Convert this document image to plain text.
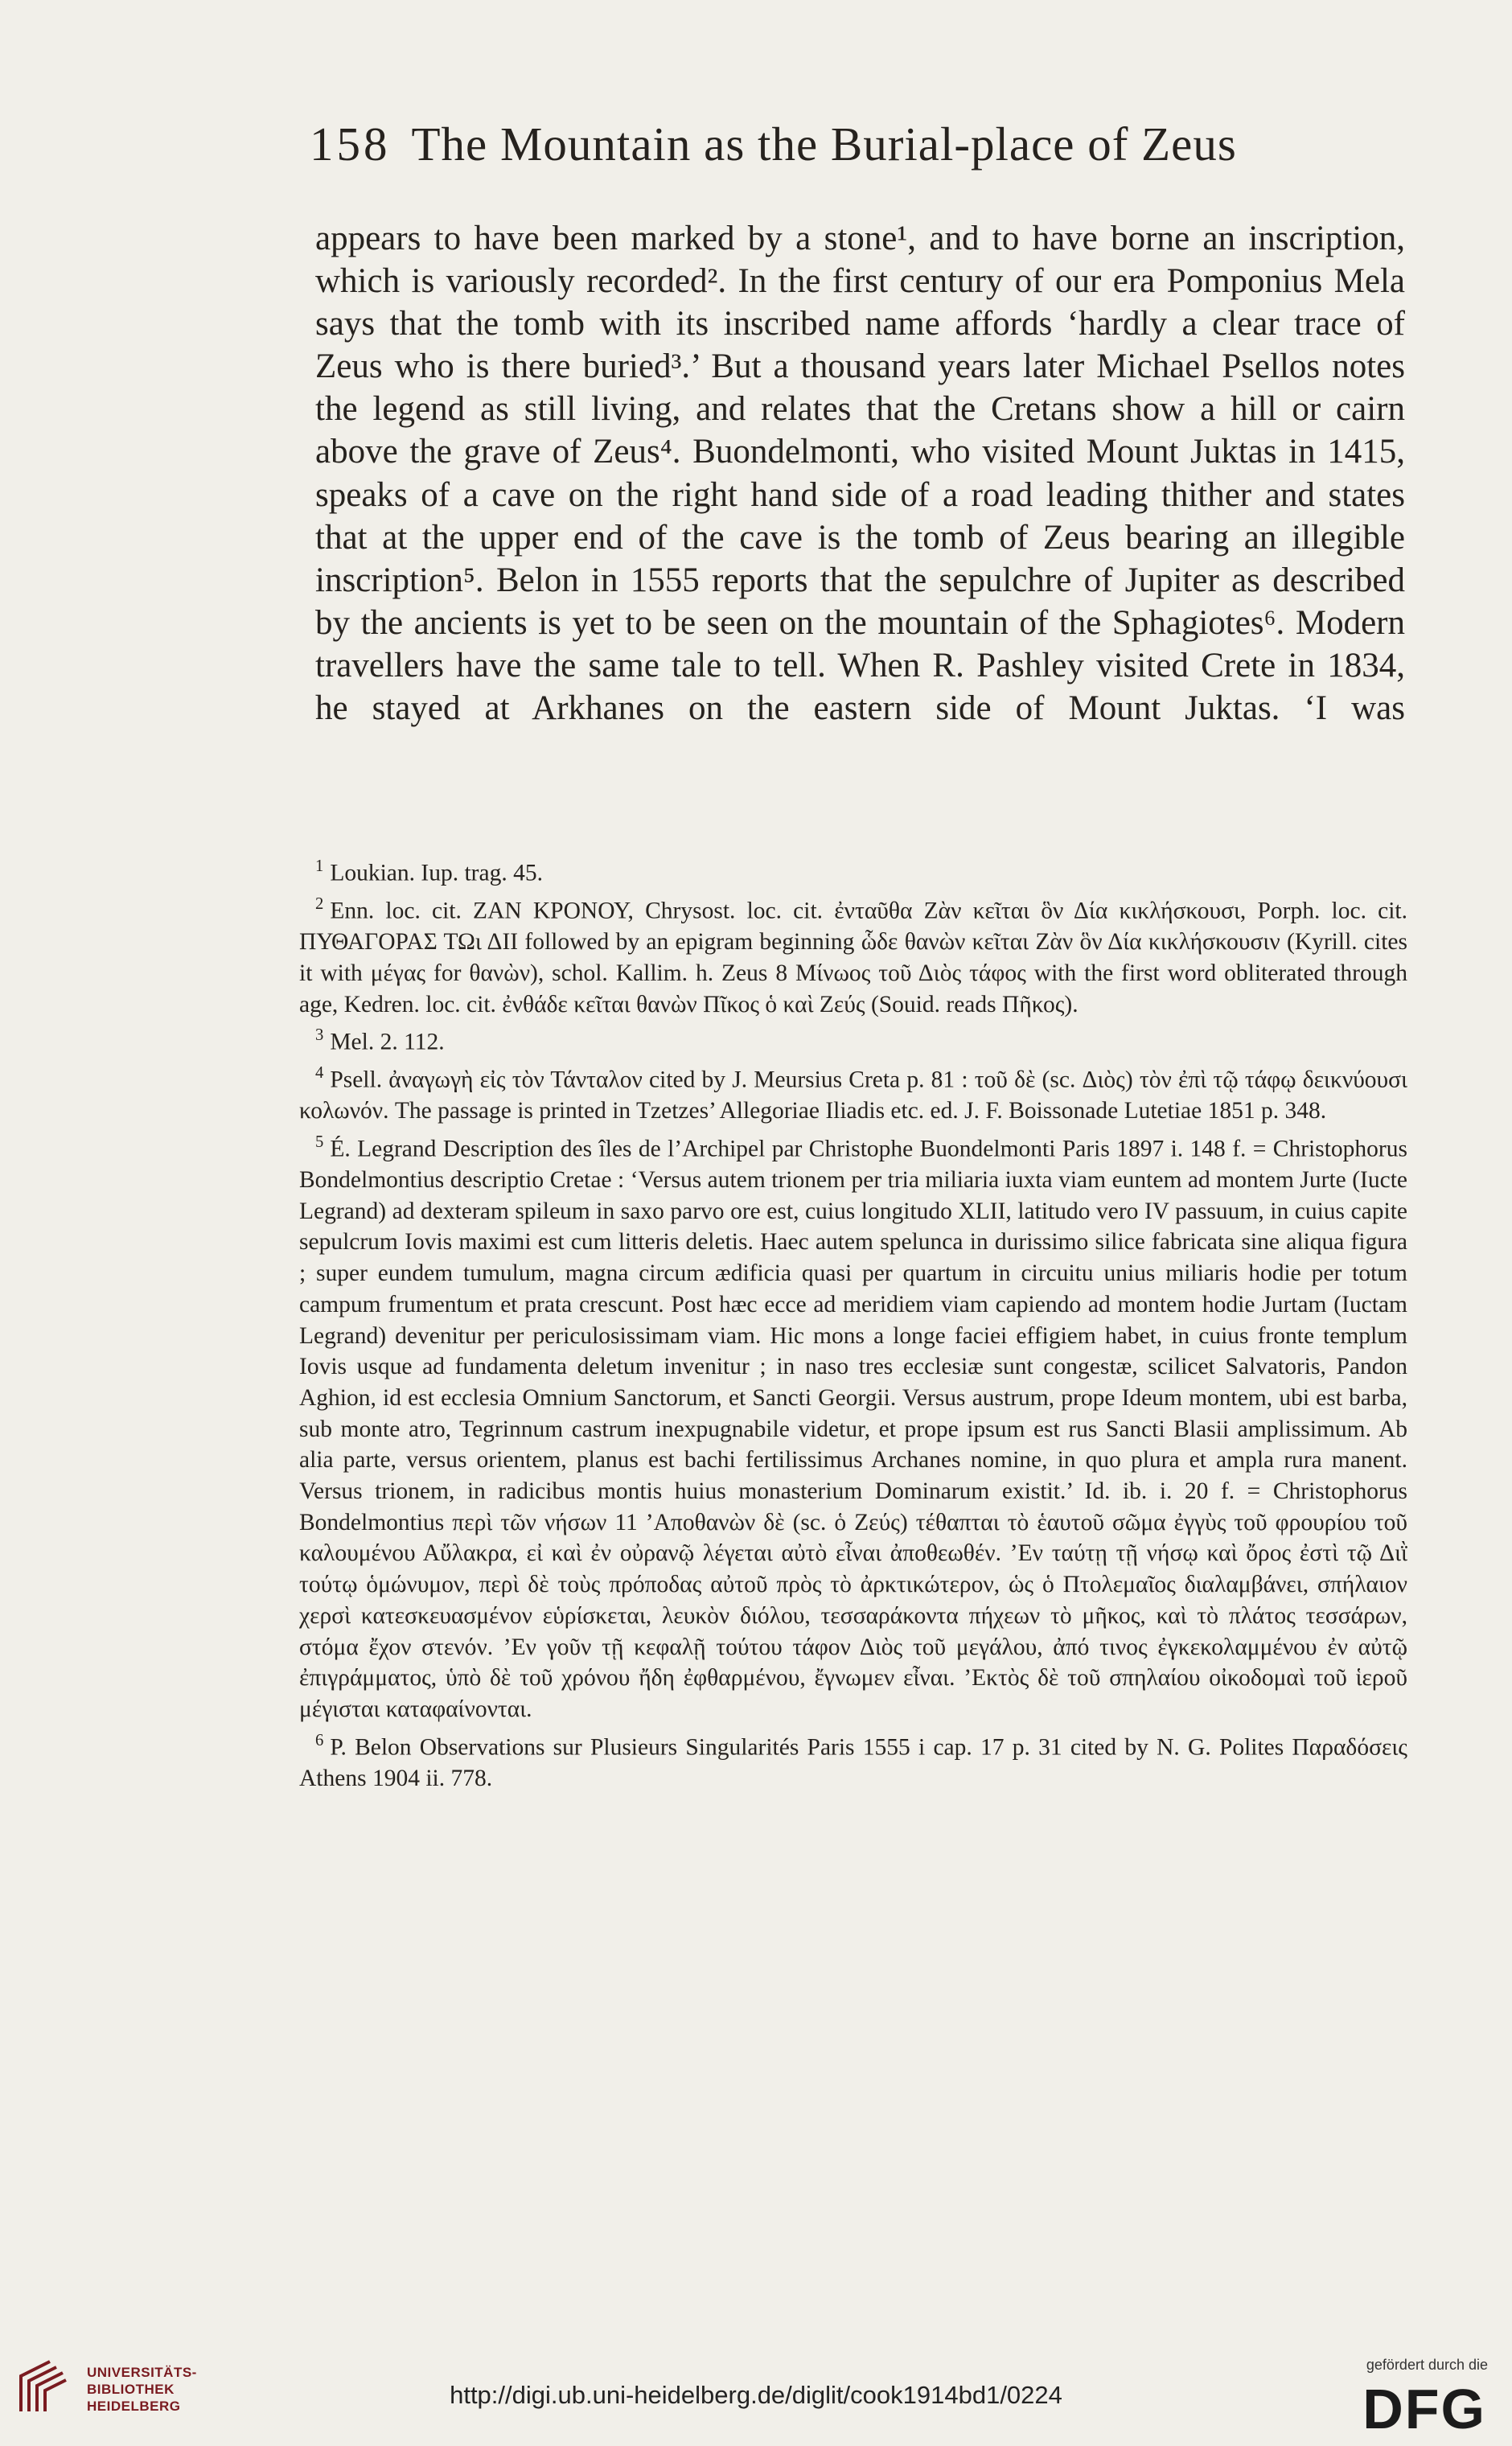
158 The Mountain as the Burial-place of Zeus

appears to have been marked by a stone¹, and to have borne an inscription, which is variously recorded². In the first century of our era Pomponius Mela says that the tomb with its inscribed name affords ‘hardly a clear trace of Zeus who is there buried³.’ But a thousand years later Michael Psellos notes the legend as still living, and relates that the Cretans show a hill or cairn above the grave of Zeus⁴. Buondelmonti, who visited Mount Juktas in 1415, speaks of a cave on the right hand side of a road leading thither and states that at the upper end of the cave is the tomb of Zeus bearing an illegible inscription⁵. Belon in 1555 reports that the sepulchre of Jupiter as described by the ancients is yet to be seen on the mountain of the Sphagiotes⁶. Modern travellers have the same tale to tell. When R. Pashley visited Crete in 1834, he stayed at Arkhanes on the eastern side of Mount Juktas. ‘I was

$^1$ Loukian. Iup. trag. 45.

$^2$ Enn. loc. cit. ΖΑΝ ΚΡΟΝΟΥ, Chrysost. loc. cit. ἐνταῦθα Ζὰν κεῖται ὃν Δία κικλήσκουσι, Porph. loc. cit. ΠΥΘΑΓΟΡΑΣ ΤΩι ΔΙΙ followed by an epigram beginning ὧδε θανὼν κεῖται Ζὰν ὃν Δία κικλήσκουσιν (Kyrill. cites it with μέγας for θανὼν), schol. Kallim. h. Zeus 8 Μίνωος τοῦ Διὸς τάφος with the first word obliterated through age, Kedren. loc. cit. ἐνθάδε κεῖται θανὼν Πῖκος ὁ καὶ Ζεύς (Souid. reads Πῆκος).

$^3$ Mel. 2. 112.

$^4$ Psell. ἀναγωγὴ εἰς τὸν Τάνταλον cited by J. Meursius Creta p. 81 : τοῦ δὲ (sc. Διὸς) τὸν ἐπὶ τῷ τάφῳ δεικνύουσι κολωνόν. The passage is printed in Tzetzes’ Allegoriae Iliadis etc. ed. J. F. Boissonade Lutetiae 1851 p. 348.

$^5$ É. Legrand Description des îles de l’Archipel par Christophe Buondelmonti Paris 1897 i. 148 f. = Christophorus Bondelmontius descriptio Cretae : ‘Versus autem trionem per tria miliaria iuxta viam euntem ad montem Jurte (Iucte Legrand) ad dexteram spileum in saxo parvo ore est, cuius longitudo XLII, latitudo vero IV passuum, in cuius capite sepulcrum Iovis maximi est cum litteris deletis. Haec autem spelunca in durissimo silice fabricata sine aliqua figura ; super eundem tumulum, magna circum ædificia quasi per quartum in circuitu unius miliaris hodie per totum campum frumentum et prata crescunt. Post hæc ecce ad meridiem viam capiendo ad montem hodie Jurtam (Iuctam Legrand) devenitur per periculosissimam viam. Hic mons a longe faciei effigiem habet, in cuius fronte templum Iovis usque ad fundamenta deletum invenitur ; in naso tres ecclesiæ sunt congestæ, scilicet Salvatoris, Pandon Aghion, id est ecclesia Omnium Sanctorum, et Sancti Georgii. Versus austrum, prope Ideum montem, ubi est barba, sub monte atro, Tegrinnum castrum inexpugnabile videtur, et prope ipsum est rus Sancti Blasii amplissimum. Ab alia parte, versus orientem, planus est bachi fertilissimus Archanes nomine, in quo plura et ampla rura manent. Versus trionem, in radicibus montis huius monasterium Dominarum existit.’ Id. ib. i. 20 f. = Christophorus Bondelmontius περὶ τῶν νήσων 11 ’Αποθανὼν δὲ (sc. ὁ Ζεύς) τέθαπται τὸ ἑαυτοῦ σῶμα ἐγγὺς τοῦ φρουρίου τοῦ καλουμένου Αὔλακρα, εἰ καὶ ἐν οὐρανῷ λέγεται αὐτὸ εἶναι ἀποθεωθέν. ’Εν ταύτῃ τῇ νήσῳ καὶ ὄρος ἐστὶ τῷ Διῒ τούτῳ ὁμώνυμον, περὶ δὲ τοὺς πρόποδας αὐτοῦ πρὸς τὸ ἀρκτικώτερον, ὡς ὁ Πτολεμαῖος διαλαμβάνει, σπήλαιον χερσὶ κατεσκευασμένον εὑρίσκεται, λευκὸν διόλου, τεσσαράκοντα πήχεων τὸ μῆκος, καὶ τὸ πλάτος τεσσάρων, στόμα ἔχον στενόν. ’Εν γοῦν τῇ κεφαλῇ τούτου τάφον Διὸς τοῦ μεγάλου, ἀπό τινος ἐγκεκολαμμένου ἐν αὐτῷ ἐπιγράμματος, ὑπὸ δὲ τοῦ χρόνου ἤδη ἐφθαρμένου, ἔγνωμεν εἶναι. ’Εκτὸς δὲ τοῦ σπηλαίου οἰκοδομαὶ τοῦ ἱεροῦ μέγισται καταφαίνονται.

$^6$ P. Belon Observations sur Plusieurs Singularités Paris 1555 i cap. 17 p. 31 cited by N. G. Polites Παραδόσεις Athens 1904 ii. 778.

UNIVERSITÄTS-
BIBLIOTHEK
HEIDELBERG	http://digi.ub.uni-heidelberg.de/diglit/cook1914bd1/0224
gefördert durch die
DFG
